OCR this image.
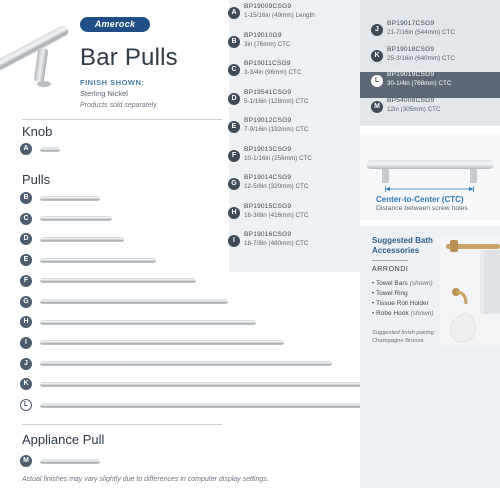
Amerock
Bar Pulls
FINISH SHOWN:
Sterling Nickel
Products sold separately.
Knob
Pulls
Appliance Pull
A
B
C
D
E
F
G
H
I
J
K
L
M
A
BP19009CSG9
1-15/16in (49mm) Length
B
BP19010G9
3in (76mm) CTC
C
BP19011CSG9
3-3/4in (96mm) CTC
D
BP19541CSG9
5-1/16in (128mm) CTC
E
BP19012CSG9
7-9/16in (192mm) CTC
F
BP19013CSG9
10-1/16in (256mm) CTC
G
BP19014CSG9
12-5/8in (320mm) CTC
H
BP19015CSG9
16-3/8in (416mm) CTC
I
BP19016CSG9
18-7/8in (480mm) CTC
J
BP19017CSG9
21-7/16in (544mm) CTC
K
BP19018CSG9
25-3/16in (640mm) CTC
L
BP19019CSG9
30-1/4in (768mm) CTC
M
BP54008CSG9
12in (305mm) CTC
Center-to-Center (CTC)
Distance between screw holes
Suggested Bath Accessories
ARRONDI
• Towel Bars (shown)
• Towel Ring
• Tissue Roll Holder
• Robe Hook (shown)
Suggested finish pairing:
Champagne Bronze
Actual finishes may vary slightly due to differences in computer display settings.
